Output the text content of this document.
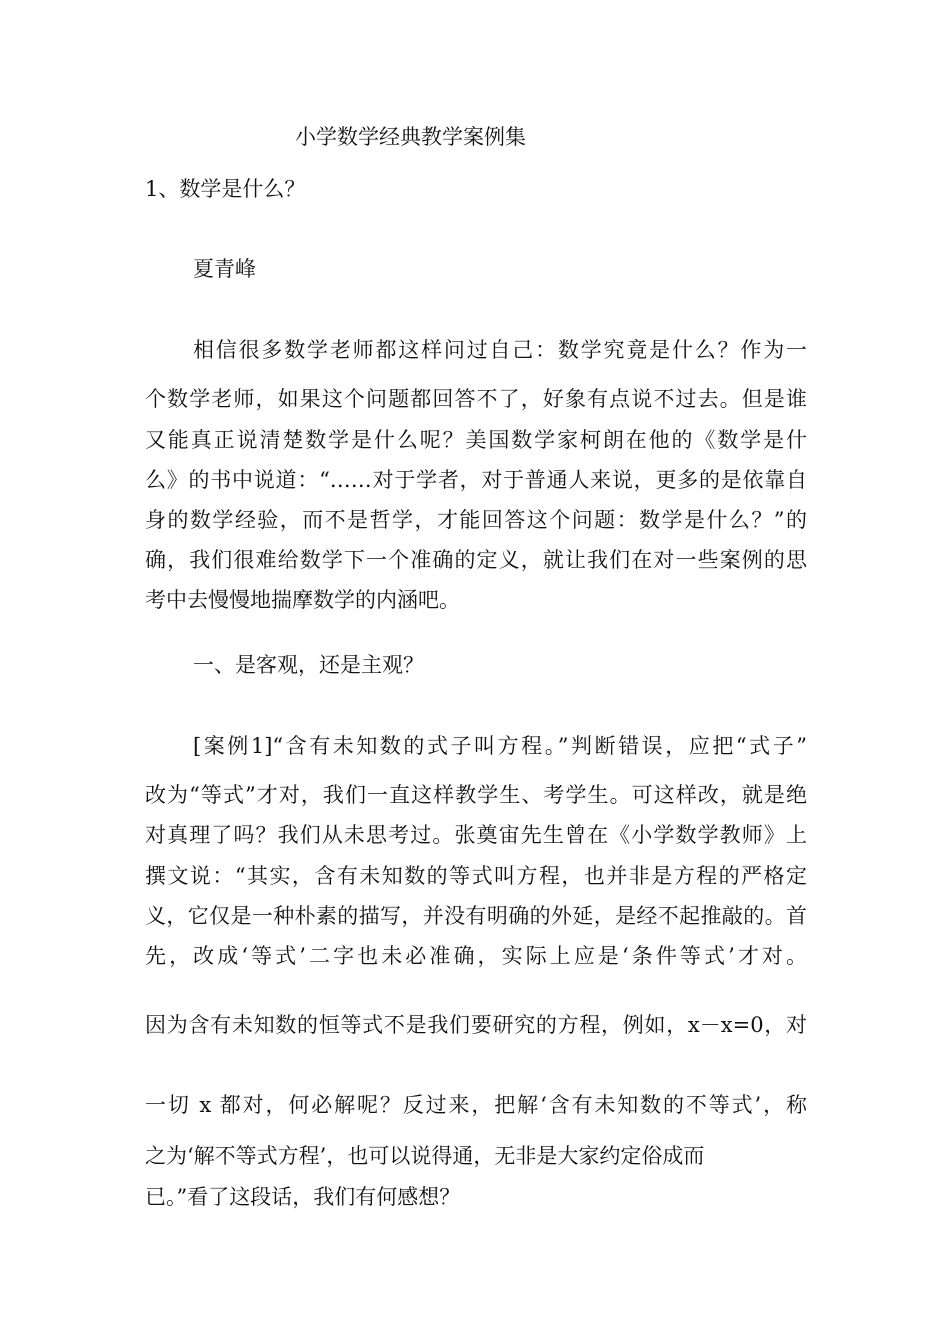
小学数学经典教学案例集
1、数学是什么？
夏青峰
相信很多数学老师都这样问过自己：数学究竟是什么？作为一
个数学老师，如果这个问题都回答不了，好象有点说不过去。但是谁
又能真正说清楚数学是什么呢？美国数学家柯朗在他的《数学是什
么》的书中说道：“……对于学者，对于普通人来说，更多的是依靠自
身的数学经验，而不是哲学，才能回答这个问题：数学是什么？”的
确，我们很难给数学下一个准确的定义，就让我们在对一些案例的思
考中去慢慢地揣摩数学的内涵吧。
一、是客观，还是主观？
[案例1]“含有未知数的式子叫方程。”判断错误，应把“式子”
改为“等式”才对，我们一直这样教学生、考学生。可这样改，就是绝
对真理了吗？我们从未思考过。张奠宙先生曾在《小学数学教师》上
撰文说：“其实，含有未知数的等式叫方程，也并非是方程的严格定
义，它仅是一种朴素的描写，并没有明确的外延，是经不起推敲的。首
先，改成‘等式’二字也未必准确，实际上应是‘条件等式’才对。
因为含有未知数的恒等式不是我们要研究的方程，例如，x－x=0，对
一切 x 都对，何必解呢？反过来，把解‘含有未知数的不等式’，称
之为‘解不等式方程’，也可以说得通，无非是大家约定俗成而
已。”看了这段话，我们有何感想？
